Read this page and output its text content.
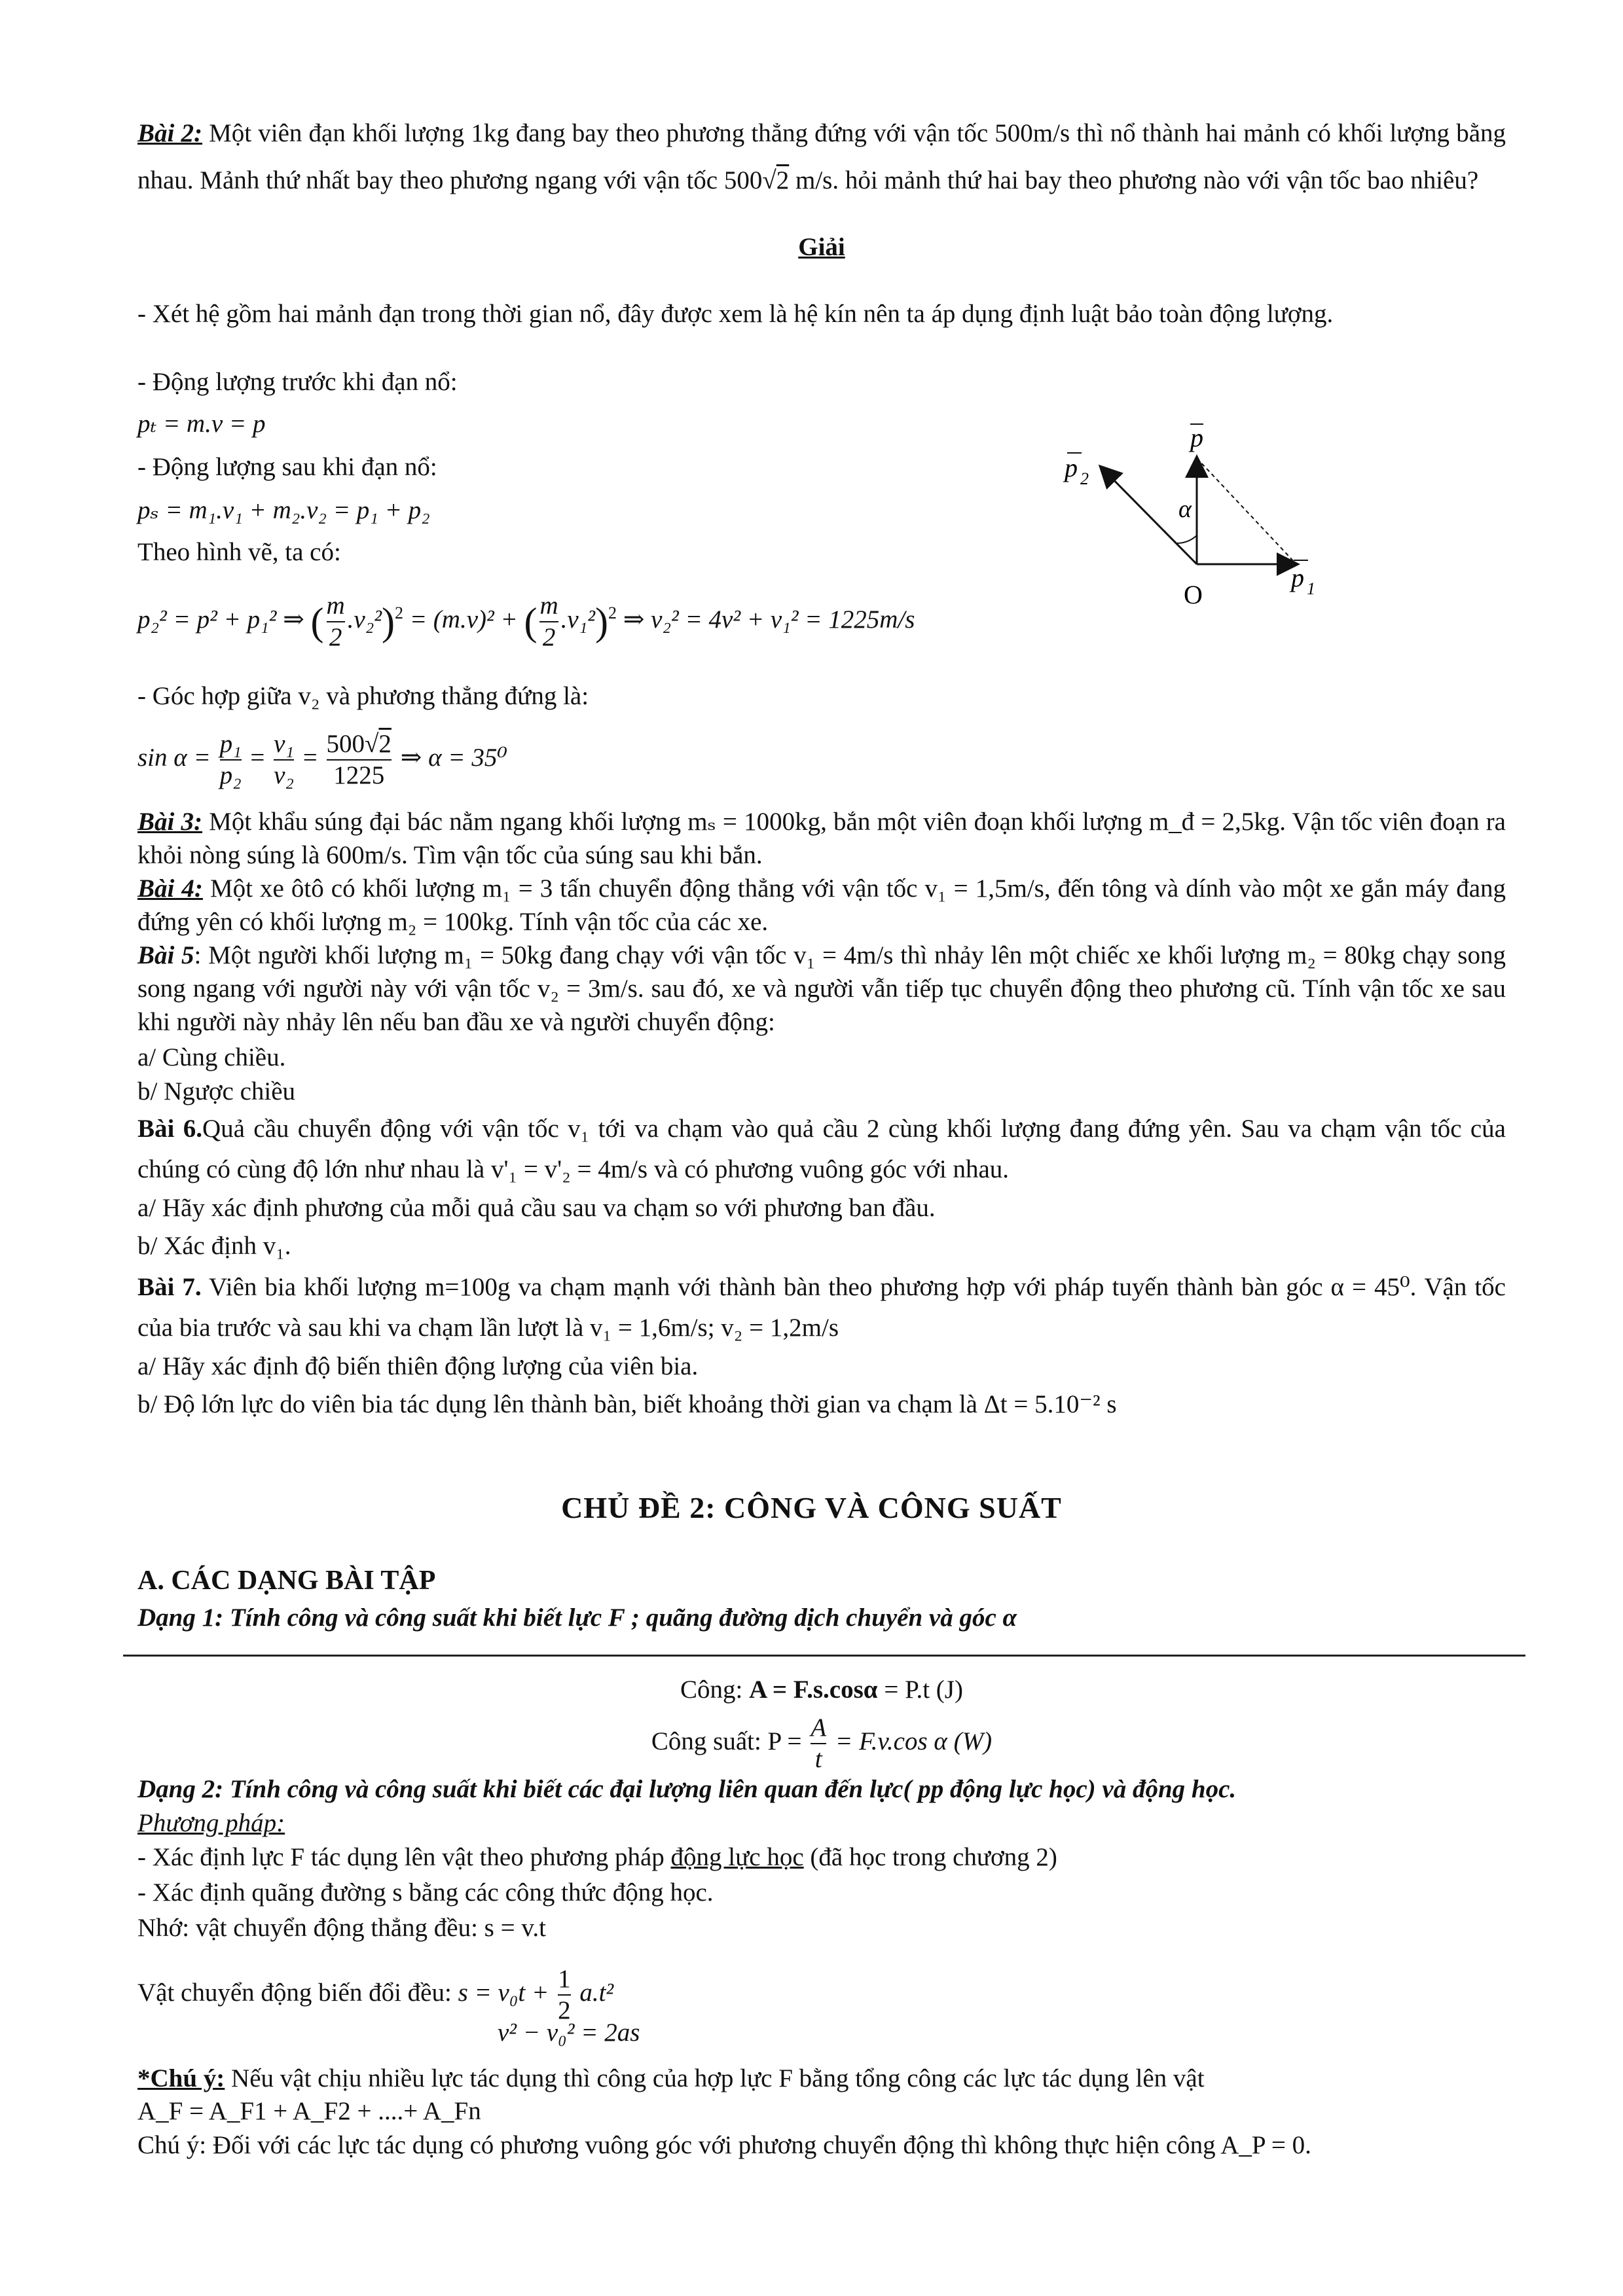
Bài 2: Một viên đạn khối lượng 1kg đang bay theo phương thẳng đứng với vận tốc 500m/s thì nổ thành hai mảnh có khối lượng bằng nhau. Mảnh thứ nhất bay theo phương ngang với vận tốc 500√2 m/s. hỏi mảnh thứ hai bay theo phương nào với vận tốc bao nhiêu?

Giải
- Xét hệ gồm hai mảnh đạn trong thời gian nổ, đây được xem là hệ kín nên ta áp dụng định luật bảo toàn động lượng.
- Động lượng trước khi đạn nổ:
pₜ = m.v = p
- Động lượng sau khi đạn nổ:
pₛ = m₁.v₁ + m₂.v₂ = p₁ + p₂
Theo hình vẽ, ta có:
p₂² = p² + p₁² ⇒ ( $\frac{m}{2} .v_2^2)^2 = (m.v)^2$ + ( $\frac{m}{2} .v_1^2)^2$ ⇒ v₂² = 4v² + v₁² = 1225m/s
- Góc hợp giữa v₂ và phương thẳng đứng là:
$\sin \alpha = \frac{\text{p₁}}{\text{p₂}} = \frac{\text{v₁}}{\text{v₂}} = \frac{500√2}{1225}$ ⇒ α = 35⁰
α
p
p 2
p 1
O
Bài 3: Một khẩu súng đại bác nằm ngang khối lượng mₛ = 1000kg, bắn một viên đoạn khối lượng m_đ = 2,5kg. Vận tốc viên đoạn ra khỏi nòng súng là 600m/s. Tìm vận tốc của súng sau khi bắn.
Bài 4: Một xe ôtô có khối lượng m₁ = 3 tấn chuyển động thẳng với vận tốc v₁ = 1,5m/s, đến tông và dính vào một xe gắn máy đang đứng yên có khối lượng m₂ = 100kg. Tính vận tốc của các xe.
Bài 5: Một người khối lượng m₁ = 50kg đang chạy với vận tốc v₁ = 4m/s thì nhảy lên một chiếc xe khối lượng m₂ = 80kg chạy song song ngang với người này với vận tốc v₂ = 3m/s. sau đó, xe và người vẫn tiếp tục chuyển động theo phương cũ. Tính vận tốc xe sau khi người này nhảy lên nếu ban đầu xe và người chuyển động:
a/ Cùng chiều.
b/ Ngược chiều
Bài 6.Quả cầu chuyển động với vận tốc v₁ tới va chạm vào quả cầu 2 cùng khối lượng đang đứng yên. Sau va chạm vận tốc của chúng có cùng độ lớn như nhau là v'₁ = v'₂ = 4m/s và có phương vuông góc với nhau.
a/ Hãy xác định phương của mỗi quả cầu sau va chạm so với phương ban đầu.
b/ Xác định v₁.
Bài 7. Viên bia khối lượng m=100g va chạm mạnh với thành bàn theo phương hợp với pháp tuyến thành bàn góc α = 45⁰. Vận tốc của bia trước và sau khi va chạm lần lượt là v₁ = 1,6m/s; v₂ = 1,2m/s
a/ Hãy xác định độ biến thiên động lượng của viên bia.
b/ Độ lớn lực do viên bia tác dụng lên thành bàn, biết khoảng thời gian va chạm là Δt = 5.10⁻² s
CHỦ ĐỀ 2: CÔNG VÀ CÔNG SUẤT
A. CÁC DẠNG BÀI TẬP
Dạng 1: Tính công và công suất khi biết lực F ; quãng đường dịch chuyển và góc α
Công: A = F.s.cosα = P.t (J)
Công suất: $P = \frac{A}{t} = F.v.\cos$ α (W)
Dạng 2: Tính công và công suất khi biết các đại lượng liên quan đến lực( pp động lực học) và động học.
Phương pháp:
- Xác định lực F tác dụng lên vật theo phương pháp động lực học (đã học trong chương 2)
- Xác định quãng đường s bằng các công thức động học.
Nhớ: vật chuyển động thẳng đều: s = v.t
Vật chuyển động biến đổi đều: $s = v_0t + \frac{1}{2} a.t^2$
v² − v₀² = 2as
*Chú ý: Nếu vật chịu nhiều lực tác dụng thì công của hợp lực F bằng tổng công các lực tác dụng lên vật
A_F = A_F1 + A_F2 + ....+ A_Fn
Chú ý: Đối với các lực tác dụng có phương vuông góc với phương chuyển động thì không thực hiện công A_P = 0.
